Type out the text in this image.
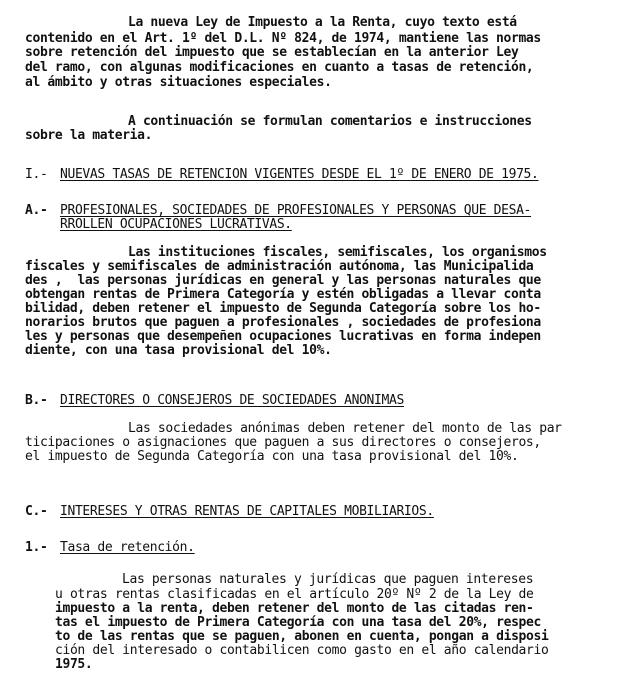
La nueva Ley de Impuesto a la Renta, cuyo texto está
contenido en el Art. 1º del D.L. Nº 824, de 1974, mantiene las normas
sobre retención del impuesto que se establecían en la anterior Ley
del ramo, con algunas modificaciones en cuanto a tasas de retención,
al ámbito y otras situaciones especiales.
A continuación se formulan comentarios e instrucciones
sobre la materia.
I.- NUEVAS TASAS DE RETENCION VIGENTES DESDE EL 1º DE ENERO DE 1975.
A.- PROFESIONALES, SOCIEDADES DE PROFESIONALES Y PERSONAS QUE DESA-
RROLLEN OCUPACIONES LUCRATIVAS.
Las instituciones fiscales, semifiscales, los organismos
fiscales y semifiscales de administración autónoma, las Municipalida
des ,  las personas jurídicas en general y las personas naturales que
obtengan rentas de Primera Categoría y estén obligadas a llevar conta
bilidad, deben retener el impuesto de Segunda Categoría sobre los ho-
norarios brutos que paguen a profesionales , sociedades de profesiona
les y personas que desempeñen ocupaciones lucrativas en forma indepen
diente, con una tasa provisional del 10%.
B.- DIRECTORES O CONSEJEROS DE SOCIEDADES ANONIMAS
Las sociedades anónimas deben retener del monto de las par
ticipaciones o asignaciones que paguen a sus directores o consejeros,
el impuesto de Segunda Categoría con una tasa provisional del 10%.
C.- INTERESES Y OTRAS RENTAS DE CAPITALES MOBILIARIOS.
1.- Tasa de retención.
Las personas naturales y jurídicas que paguen intereses
u otras rentas clasificadas en el artículo 20º Nº 2 de la Ley de
impuesto a la renta, deben retener del monto de las citadas ren-
tas el impuesto de Primera Categoría con una tasa del 20%, respec
to de las rentas que se paguen, abonen en cuenta, pongan a disposi
ción del interesado o contabilicen como gasto en el año calendario
1975.
